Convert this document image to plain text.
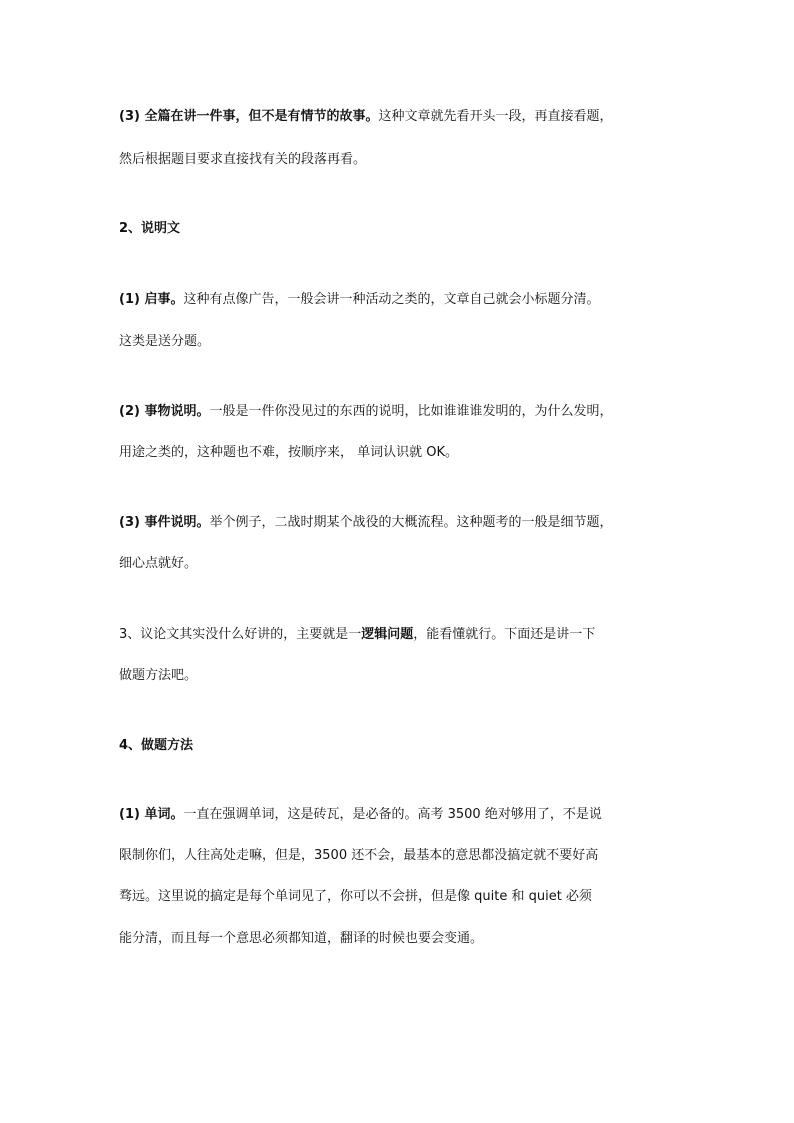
(3) 全篇在讲一件事，但不是有情节的故事。这种文章就先看开头一段，再直接看题，
然后根据题目要求直接找有关的段落再看。
2、说明文
(1) 启事。这种有点像广告，一般会讲一种活动之类的，文章自己就会小标题分清。
这类是送分题。
(2) 事物说明。一般是一件你没见过的东西的说明，比如谁谁谁发明的，为什么发明，
用途之类的，这种题也不难，按顺序来， 单词认识就 OK。
(3) 事件说明。举个例子，二战时期某个战役的大概流程。这种题考的一般是细节题，
细心点就好。
3、议论文其实没什么好讲的，主要就是一逻辑问题，能看懂就行。下面还是讲一下
做题方法吧。
4、做题方法
(1) 单词。一直在强调单词，这是砖瓦，是必备的。高考 3500 绝对够用了，不是说
限制你们，人往高处走嘛，但是，3500 还不会，最基本的意思都没搞定就不要好高
骛远。这里说的搞定是每个单词见了，你可以不会拼，但是像 quite 和 quiet 必须
能分清，而且每一个意思必须都知道，翻译的时候也要会变通。
